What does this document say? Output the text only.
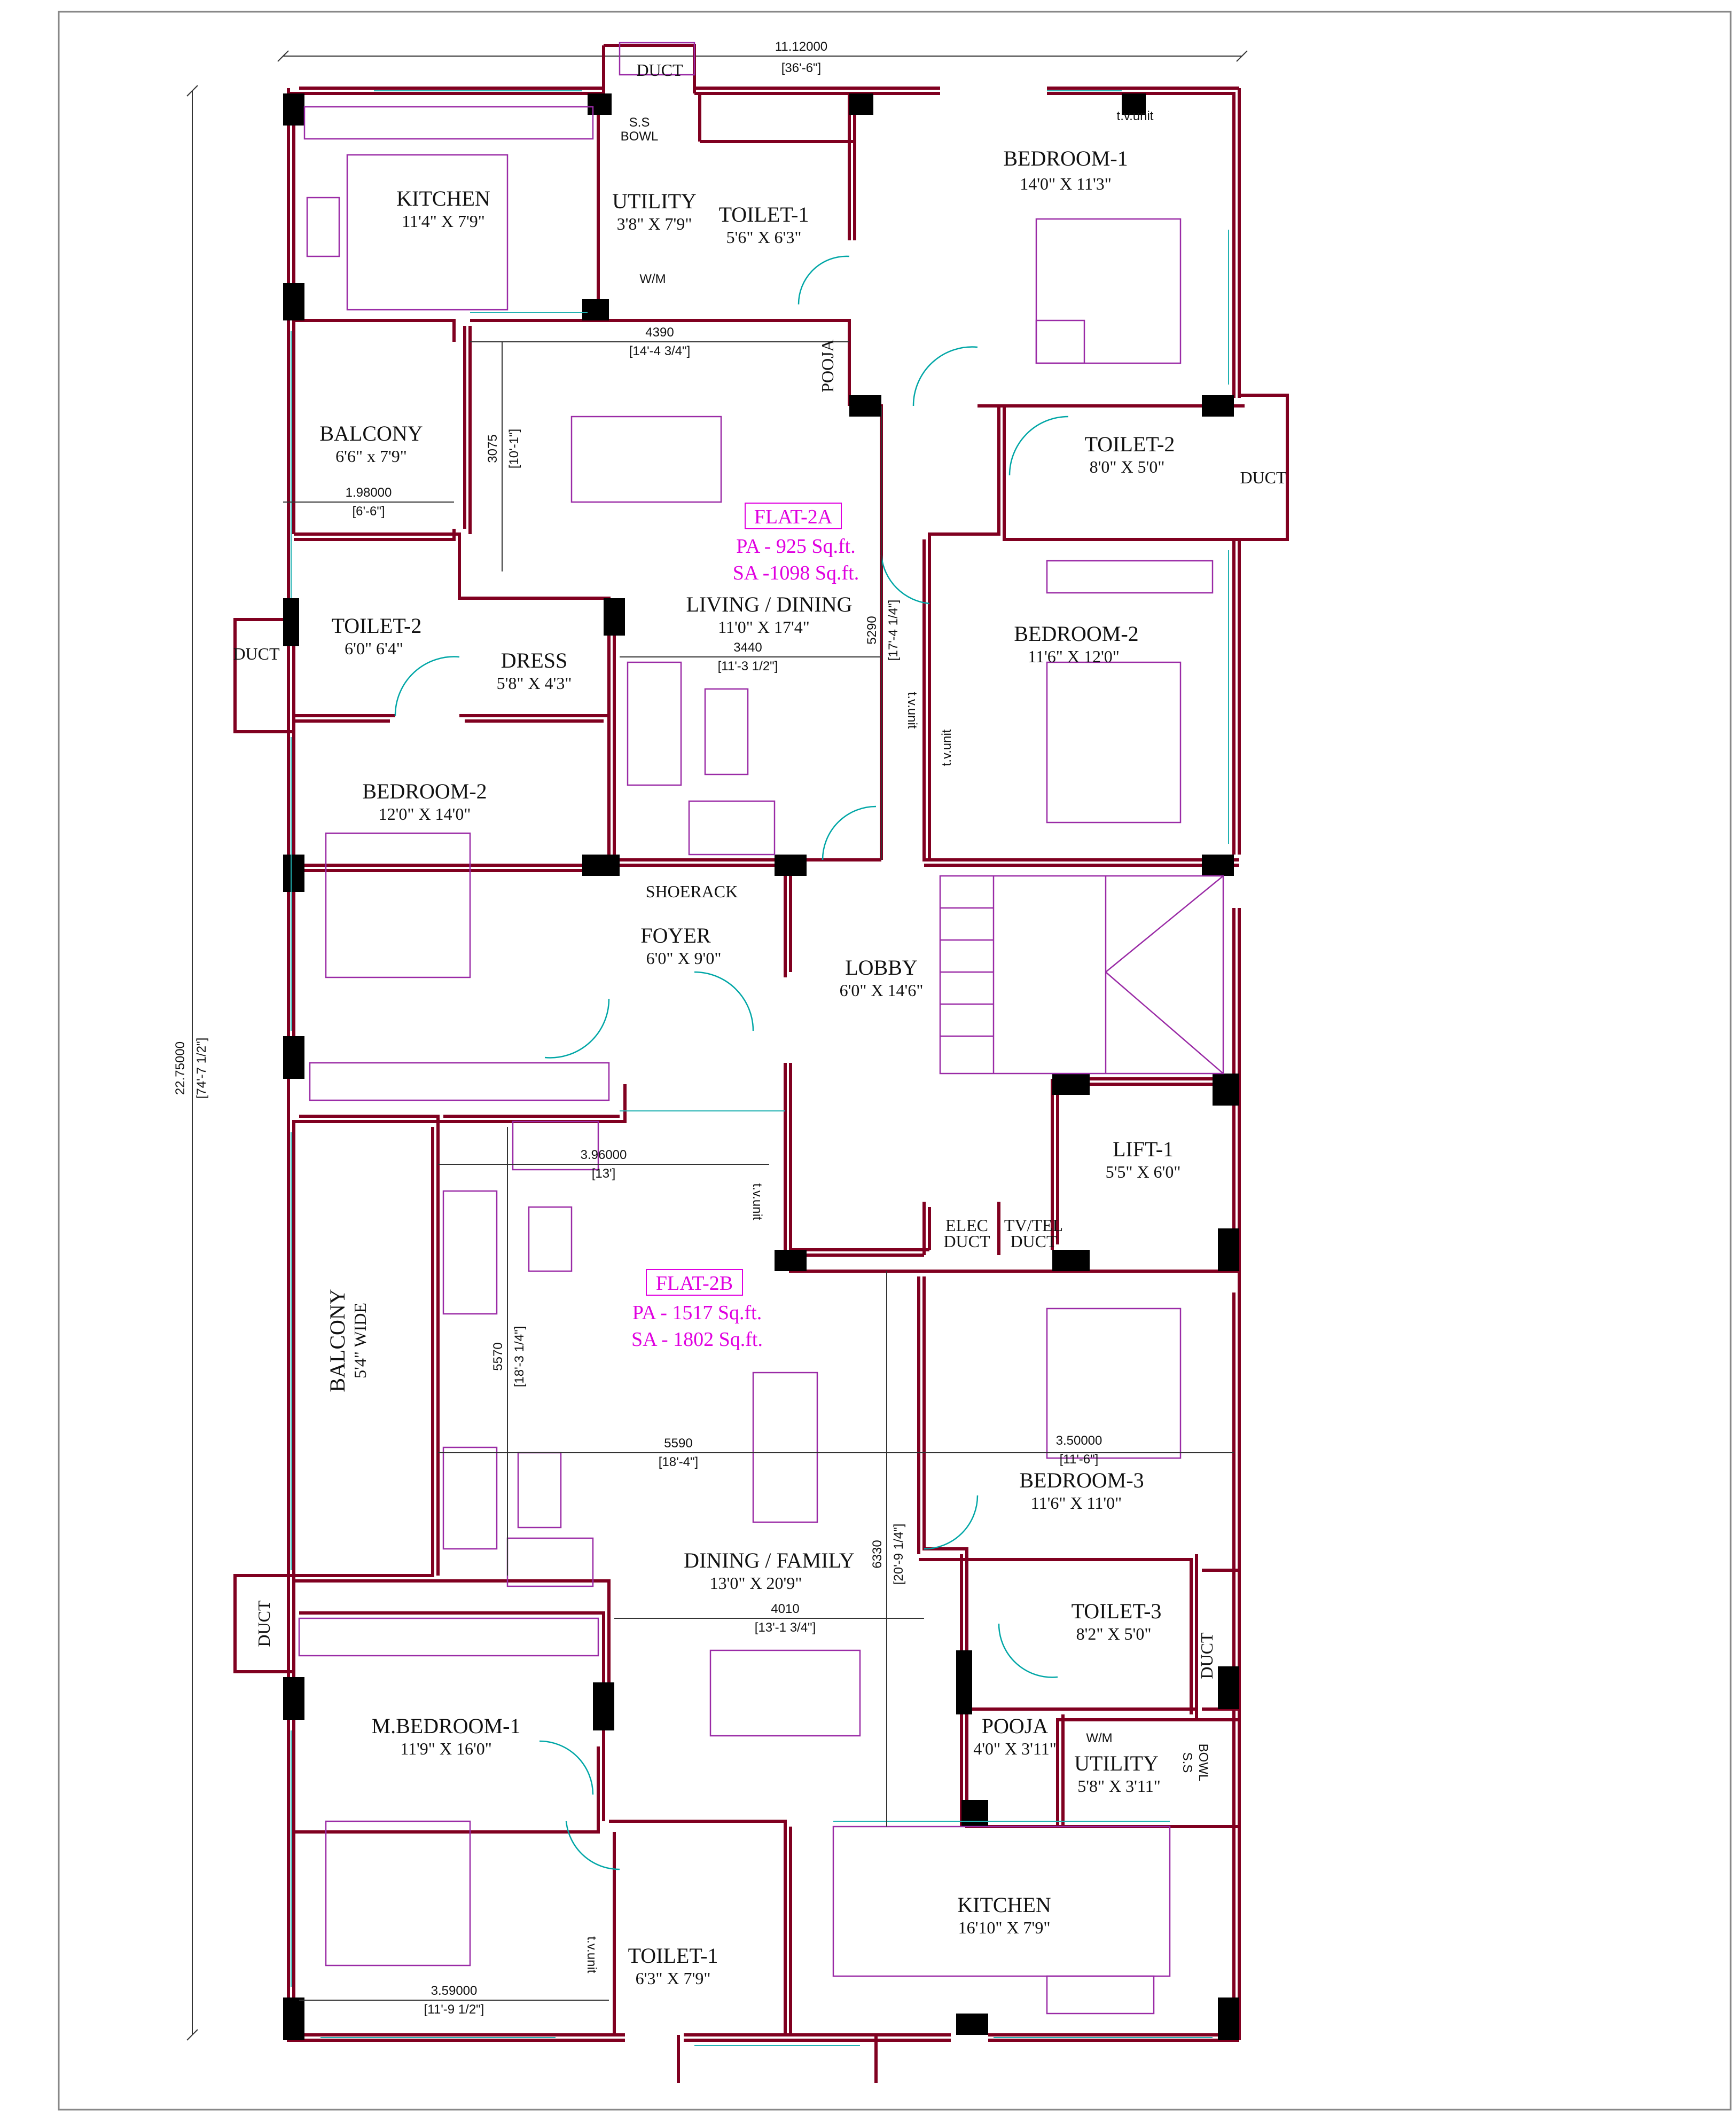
11.12000
[36'-6"]
22.75000 [74'-7 1/2"]
4390
[14'-4 3/4"]
3075 [10'-1"]
1.98000
[6'-6"]
3440
[11'-3 1/2"]
5290 [17'-4 1/4"]
3.96000
[13']
5570 [18'-3 1/4"]
5590
[18'-4"]
3.50000
[11'-6"]
6330 [20'-9 1/4"]
4010
[13'-1 3/4"]
3.59000
[11'-9 1/2"]
DUCT
DUCT
DUCT
DUCT
DUCT
POOJA
SHOERACK
ELEC
DUCT
TV/TEL
DUCT
t.v.unit
t.v.unit
t.v.unit
t.v.unit
t.v.unit
S.S
BOWL
W/M
W/M
S.S BOWL
FLAT-2A
PA - 925 Sq.ft.
SA -1098 Sq.ft.
FLAT-2B
PA - 1517 Sq.ft.
SA - 1802 Sq.ft.
KITCHEN
11'4" X 7'9"
UTILITY
3'8" X 7'9" TOILET-1
5'6" X 6'3"
BEDROOM-1
14'0" X 11'3"
BALCONY
6'6" x 7'9"	TOILET-2
8'0" X 5'0"
TOILET-2
6'0" 6'4"	DRESS
5'8" X 4'3"
LIVING / DINING
11'0" X 17'4"	BEDROOM-2
11'6" X 12'0"
BEDROOM-2
12'0" X 14'0"
FOYER
6'0" X 9'0"	LOBBY
6'0" X 14'6"
LIFT-1
5'5" X 6'0"
BEDROOM-3
11'6" X 11'0"
DINING / FAMILY
13'0" X 20'9"
TOILET-3
8'2" X 5'0"
M.BEDROOM-1
11'9" X 16'0"
POOJA
4'0" X 3'11"
UTILITY
5'8" X 3'11"
KITCHEN
16'10" X 7'9"
TOILET-1
6'3" X 7'9"
BALCONY 5'4" WIDE
